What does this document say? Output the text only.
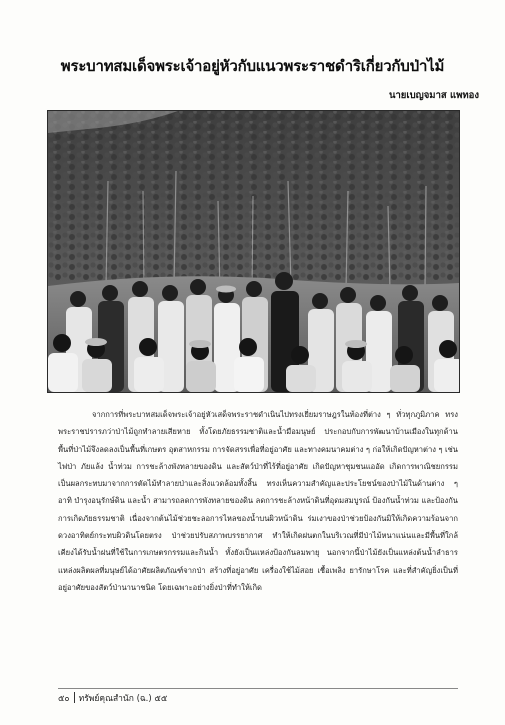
พระบาทสมเด็จพระเจ้าอยู่หัวกับแนวพระราชดำริเกี่ยวกับป่าไม้
นายเบญจมาส แพทอง

จากการที่พระบาทสมเด็จพระเจ้าอยู่หัวเสด็จพระราชดำเนินไปทรงเยี่ยมราษฎรในท้องที่ต่าง ๆ ทั่วทุกภูมิภาค ทรงพระราชปรารภว่าป่าไม้ถูกทำลายเสียหาย ทั้งโดยภัยธรรมชาติและน้ำมือมนุษย์ ประกอบกับการพัฒนาบ้านเมืองในทุกด้าน พื้นที่ป่าไม้จึงลดลงเป็นพื้นที่เกษตร อุตสาหกรรม การจัดสรรเพื่อที่อยู่อาศัย และทางคมนาคมต่าง ๆ ก่อให้เกิดปัญหาต่าง ๆ เช่น ไฟป่า ภัยแล้ง น้ำท่วม การชะล้างพังทลายของดิน และสัตว์ป่าที่ไร้ที่อยู่อาศัย เกิดปัญหาชุมชนแออัด เกิดการพาณิชยกรรม เป็นผลกระทบมาจากการตัดไม้ทำลายป่าและสิ่งแวดล้อมทั้งสิ้น ทรงเห็นความสำคัญและประโยชน์ของป่าไม้ในด้านต่าง ๆ อาทิ บำรุงอนุรักษ์ดิน และน้ำ สามารถลดการพังทลายของดิน ลดการชะล้างหน้าดินที่อุดมสมบูรณ์ ป้องกันน้ำท่วม และป้องกันการเกิดภัยธรรมชาติ เนื่องจากต้นไม้ช่วยชะลอการไหลของน้ำบนผิวหน้าดิน ร่มเงาของป่าช่วยป้องกันมิให้เกิดความร้อนจากดวงอาทิตย์กระทบผิวดินโดยตรง ป่าช่วยปรับสภาพบรรยากาศ ทำให้เกิดฝนตกในบริเวณที่มีป่าไม้หนาแน่นและมีพื้นที่ใกล้เคียงได้รับน้ำฝนที่ใช้ในการเกษตรกรรมและกินน้ำ ทั้งยังเป็นแหล่งป้องกันลมพายุ นอกจากนี้ป่าไม้ยังเป็นแหล่งต้นน้ำลำธาร แหล่งผลิตผลที่มนุษย์ได้อาศัยผลิตภัณฑ์จากป่า สร้างที่อยู่อาศัย เครื่องใช้ไม้สอย เชื้อเพลิง ยารักษาโรค และที่สำคัญยิ่งเป็นที่อยู่อาศัยของสัตว์ป่านานาชนิด โดยเฉพาะอย่างยิ่งป่าที่ทำให้เกิด

๕๐ ทรัพย์คุณสำนัก (ฉ.) ๕๕
